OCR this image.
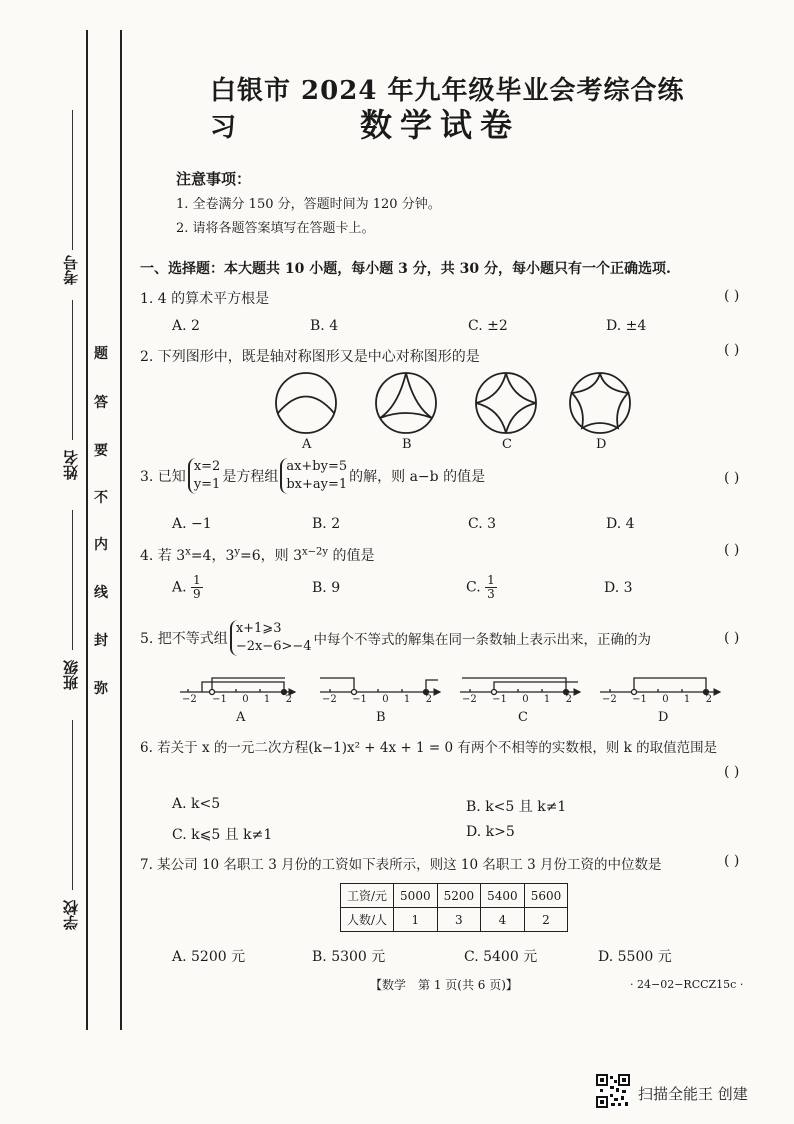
考号
姓名
班级
学校
题
答
要
不
内
线
封
弥
白银市 2024 年九年级毕业会考综合练习	数学试卷
注意事项：
1. 全卷满分 150 分，答题时间为 120 分钟。
2. 请将各题答案填写在答题卡上。
一、选择题：本大题共 10 小题，每小题 3 分，共 30 分，每小题只有一个正确选项.
1. 4 的算术平方根是	( )
A. 2	B. 4	C. ±2	D. ±4
2. 下列图形中，既是轴对称图形又是中心对称图形的是	( )
A	B	C	D
3. 已知
x=2
y=1 是方程组
ax+by=5
bx+ay=1 的解，则 a−b 的值是	( )
A. −1	B. 2	C. 3	D. 4
4. 若 $3^x=4$，$3^y=6$，则 $3^{x-2y}$ 的值是	( )
A. $\frac{1}{9}$	B. 9	C. $\frac{1}{3}$	D. 3
5. 把不等式组
x+1⩾3
−2x−6>−4 中每个不等式的解集在同一条数轴上表示出来，正确的为	( )
−2 −1 0 1 2	−2 −1 0 1 2	−2 −1 0 1 2	−2 −1 0 1 2
A	B	C	D
6. 若关于 x 的一元二次方程(k−1)x² + 4x + 1 = 0 有两个不相等的实数根，则 k 的取值范围是
( )
A. k<5	B. k<5 且 k≠1
C. k⩽5 且 k≠1	D. k>5
7. 某公司 10 名职工 3 月份的工资如下表所示，则这 10 名职工 3 月份工资的中位数是	( )
工资/元	5000	5200	5400	5600
人数/人	1	3	4	2
A. 5200 元	B. 5300 元	C. 5400 元	D. 5500 元
【数学　第 1 页(共 6 页)】	· 24−02−RCCZ15c ·
扫描全能王 创建
